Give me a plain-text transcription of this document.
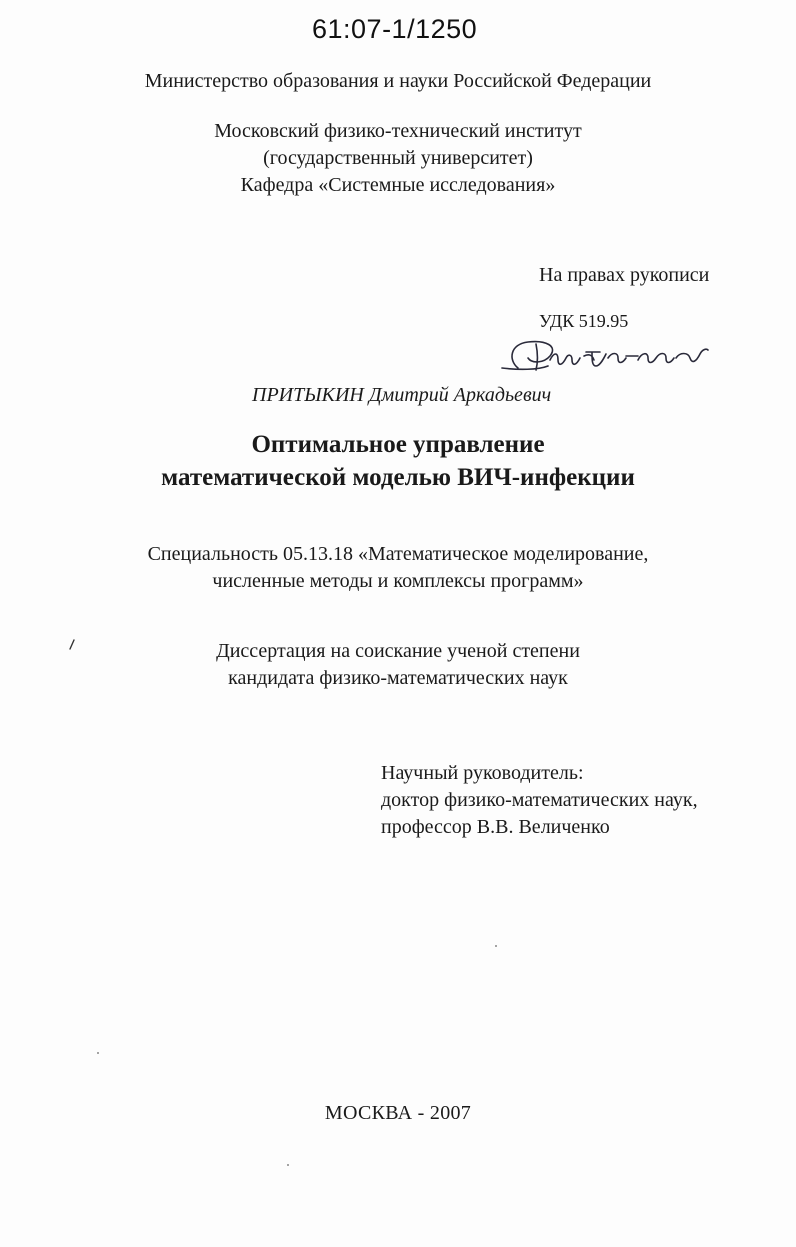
61:07-1/1250
Министерство образования и науки Российской Федерации
Московский физико-технический институт
(государственный университет)
Кафедра «Системные исследования»
На правах рукописи
УДК 519.95
ПРИТЫКИН Дмитрий Аркадьевич
Оптимальное управление
математической моделью ВИЧ-инфекции
Специальность 05.13.18 «Математическое моделирование,
численные методы и комплексы программ»
Диссертация на соискание ученой степени
кандидата физико-математических наук
Научный руководитель:
доктор физико-математических наук,
профессор В.В. Величенко
МОСКВА - 2007
